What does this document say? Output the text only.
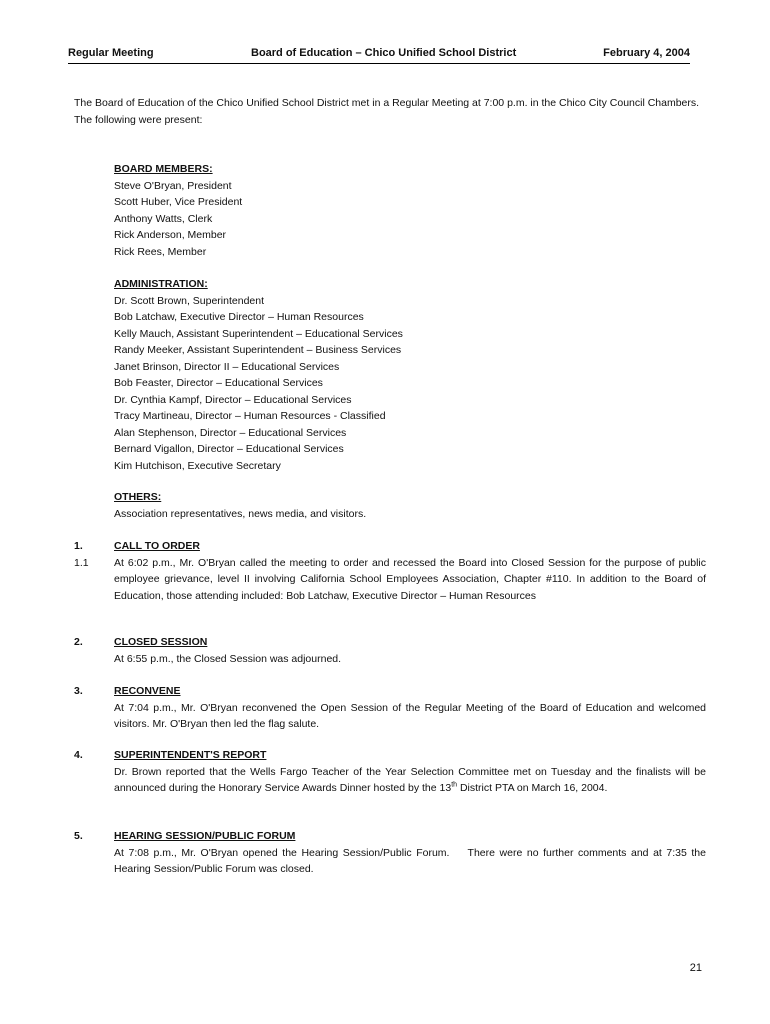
Regular Meeting	Board of Education – Chico Unified School District	February 4, 2004
The Board of Education of the Chico Unified School District met in a Regular Meeting at 7:00 p.m. in the Chico City Council Chambers.
The following were present:
BOARD MEMBERS:
Steve O'Bryan, President
Scott Huber, Vice President
Anthony Watts, Clerk
Rick Anderson, Member
Rick Rees, Member
ADMINISTRATION:
Dr. Scott Brown, Superintendent
Bob Latchaw, Executive Director – Human Resources
Kelly Mauch, Assistant Superintendent – Educational Services
Randy Meeker, Assistant Superintendent – Business Services
Janet Brinson, Director II – Educational Services
Bob Feaster, Director – Educational Services
Dr. Cynthia Kampf, Director – Educational Services
Tracy Martineau, Director – Human Resources - Classified
Alan Stephenson, Director – Educational Services
Bernard Vigallon, Director – Educational Services
Kim Hutchison, Executive Secretary
OTHERS:
Association representatives, news media, and visitors.
1.
1.1
CALL TO ORDER
At 6:02 p.m., Mr. O'Bryan called the meeting to order and recessed the Board into Closed Session for the purpose of public employee grievance, level II involving California School Employees Association, Chapter #110. In addition to the Board of Education, those attending included: Bob Latchaw, Executive Director – Human Resources
2.	CLOSED SESSION
At 6:55 p.m., the Closed Session was adjourned.
3.	RECONVENE
At 7:04 p.m., Mr. O'Bryan reconvened the Open Session of the Regular Meeting of the Board of Education and welcomed visitors. Mr. O'Bryan then led the flag salute.
4.	SUPERINTENDENT'S REPORT
Dr. Brown reported that the Wells Fargo Teacher of the Year Selection Committee met on Tuesday and the finalists will be announced during the Honorary Service Awards Dinner hosted by the 13th District PTA on March 16, 2004.
5.	HEARING SESSION/PUBLIC FORUM
At 7:08 p.m., Mr. O'Bryan opened the Hearing Session/Public Forum.    There were no further comments and at 7:35 the Hearing Session/Public Forum was closed.
21
